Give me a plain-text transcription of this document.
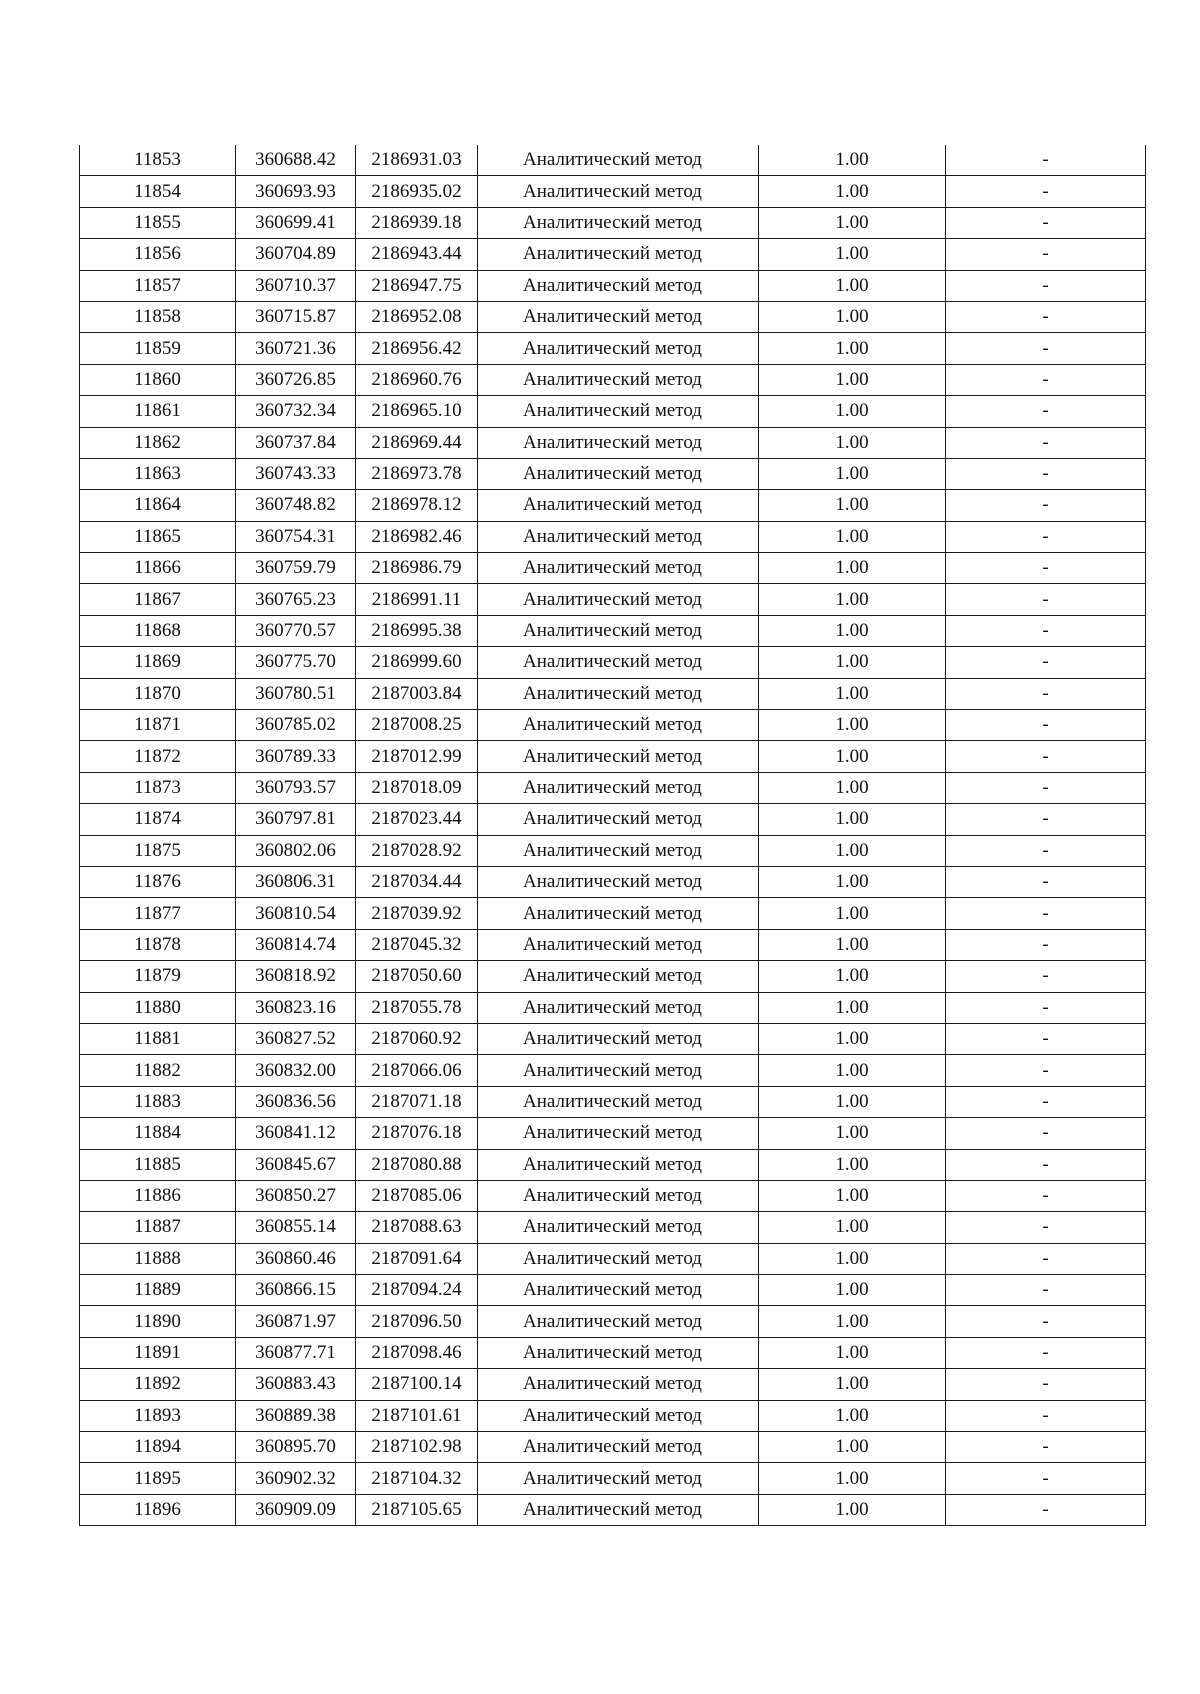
11853	360688.42	2186931.03	Аналитический метод	1.00	-
11854	360693.93	2186935.02	Аналитический метод	1.00	-
11855	360699.41	2186939.18	Аналитический метод	1.00	-
11856	360704.89	2186943.44	Аналитический метод	1.00	-
11857	360710.37	2186947.75	Аналитический метод	1.00	-
11858	360715.87	2186952.08	Аналитический метод	1.00	-
11859	360721.36	2186956.42	Аналитический метод	1.00	-
11860	360726.85	2186960.76	Аналитический метод	1.00	-
11861	360732.34	2186965.10	Аналитический метод	1.00	-
11862	360737.84	2186969.44	Аналитический метод	1.00	-
11863	360743.33	2186973.78	Аналитический метод	1.00	-
11864	360748.82	2186978.12	Аналитический метод	1.00	-
11865	360754.31	2186982.46	Аналитический метод	1.00	-
11866	360759.79	2186986.79	Аналитический метод	1.00	-
11867	360765.23	2186991.11	Аналитический метод	1.00	-
11868	360770.57	2186995.38	Аналитический метод	1.00	-
11869	360775.70	2186999.60	Аналитический метод	1.00	-
11870	360780.51	2187003.84	Аналитический метод	1.00	-
11871	360785.02	2187008.25	Аналитический метод	1.00	-
11872	360789.33	2187012.99	Аналитический метод	1.00	-
11873	360793.57	2187018.09	Аналитический метод	1.00	-
11874	360797.81	2187023.44	Аналитический метод	1.00	-
11875	360802.06	2187028.92	Аналитический метод	1.00	-
11876	360806.31	2187034.44	Аналитический метод	1.00	-
11877	360810.54	2187039.92	Аналитический метод	1.00	-
11878	360814.74	2187045.32	Аналитический метод	1.00	-
11879	360818.92	2187050.60	Аналитический метод	1.00	-
11880	360823.16	2187055.78	Аналитический метод	1.00	-
11881	360827.52	2187060.92	Аналитический метод	1.00	-
11882	360832.00	2187066.06	Аналитический метод	1.00	-
11883	360836.56	2187071.18	Аналитический метод	1.00	-
11884	360841.12	2187076.18	Аналитический метод	1.00	-
11885	360845.67	2187080.88	Аналитический метод	1.00	-
11886	360850.27	2187085.06	Аналитический метод	1.00	-
11887	360855.14	2187088.63	Аналитический метод	1.00	-
11888	360860.46	2187091.64	Аналитический метод	1.00	-
11889	360866.15	2187094.24	Аналитический метод	1.00	-
11890	360871.97	2187096.50	Аналитический метод	1.00	-
11891	360877.71	2187098.46	Аналитический метод	1.00	-
11892	360883.43	2187100.14	Аналитический метод	1.00	-
11893	360889.38	2187101.61	Аналитический метод	1.00	-
11894	360895.70	2187102.98	Аналитический метод	1.00	-
11895	360902.32	2187104.32	Аналитический метод	1.00	-
11896	360909.09	2187105.65	Аналитический метод	1.00	-
